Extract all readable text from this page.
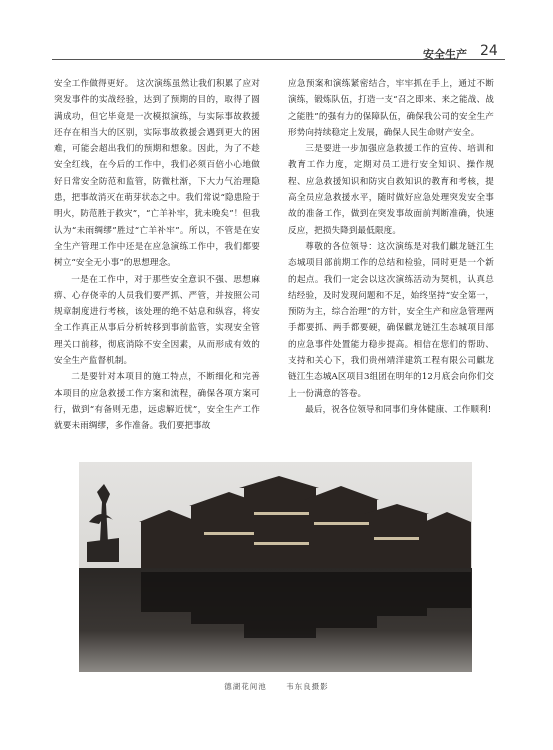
安全生产 24

安全工作做得更好。 这次演练虽然让我们积累了应对突发事件的实战经验，达到了预期的目的，取得了圆满成功，但它毕竟是一次模拟演练，与实际事故救援还存在相当大的区别，实际事故救援会遇到更大的困难，可能会超出我们的预期和想象。因此，为了不趁安全红线，在今后的工作中，我们必须百倍小心地做好日常安全防范和监管，防微杜渐，下大力气治理隐患，把事故消灭在萌芽状态之中。我们常说“隐患险于明火，防范胜于救灾”，“亡羊补牢，犹未晚矣”！但我认为“未雨绸缪”胜过“亡羊补牢”。所以，不管是在安全生产管理工作中还是在应急演练工作中，我们都要树立“安全无小事”的思想理念。

一是在工作中，对于那些安全意识不强、思想麻痹、心存侥幸的人员我们要严抓、严管，并按照公司规章制度进行考核，该处理的绝不姑息和纵容，将安全工作真正从事后分析转移到事前监管，实现安全管理关口前移，彻底消除不安全因素，从而形成有效的安全生产监督机制。

二是要针对本项目的施工特点，不断细化和完善本项目的应急救援工作方案和流程，确保各项方案可行，做到“有备则无患，远虑解近忧”，安全生产工作就要未雨绸缪，多作准备。我们要把事故

应急预案和演练紧密结合，牢牢抓在手上，通过不断演练，锻炼队伍，打造一支“召之即来、来之能战、战之能胜”的强有力的保障队伍，确保我公司的安全生产形势向持续稳定上发展，确保人民生命财产安全。

三是要进一步加强应急救援工作的宣传、培训和教育工作力度，定期对员工进行安全知识、操作规程、应急救援知识和防灾自救知识的教育和考核，提高全员应急救援水平，随时做好应急处理突发安全事故的准备工作，做到在突发事故面前判断准确，快速反应，把损失降到最低限度。

尊敬的各位领导：这次演练是对我们麒龙链江生态城项目部前期工作的总结和检验，同时更是一个新的起点。我们一定会以这次演练活动为契机，认真总结经验，及时发现问题和不足，始终坚持“安全第一，预防为主，综合治理”的方针，安全生产和应急管理两手都要抓、两手都要硬，确保麒龙链江生态城项目部的应急事件处置能力稳步提高。相信在您们的帮助、支持和关心下，我们贵州靖洋建筑工程有限公司麒龙链江生态城A区项目3组团在明年的12月底会向你们交上一份满意的答卷。

最后，祝各位领导和同事们身体健康、工作顺利!

德湖花间池	韦东良摄影
